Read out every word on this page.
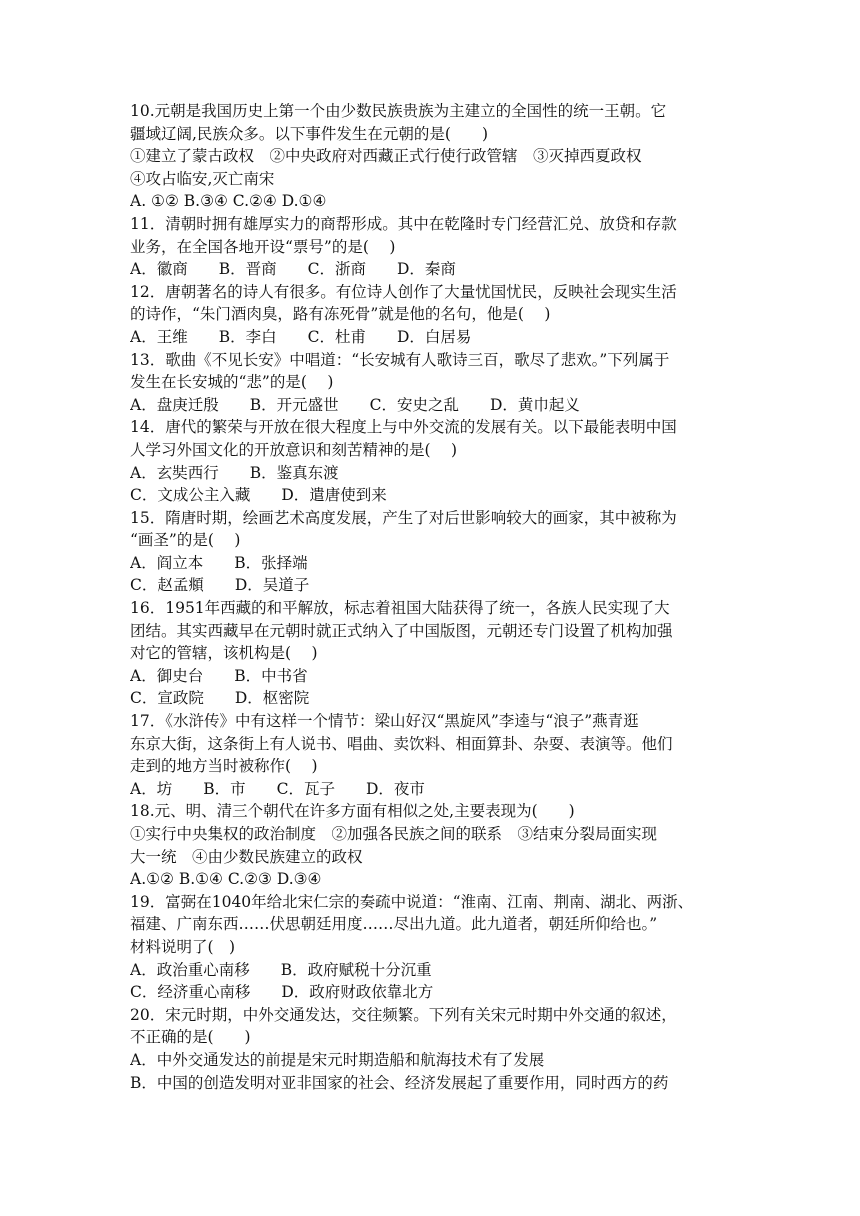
10.元朝是我国历史上第一个由少数民族贵族为主建立的全国性的统一王朝。它
疆域辽阔,民族众多。以下事件发生在元朝的是(　　)
①建立了蒙古政权　②中央政府对西藏正式行使行政管辖　③灭掉西夏政权
④攻占临安,灭亡南宋
A. ①② B.③④ C.②④ D.①④
11．清朝时拥有雄厚实力的商帮形成。其中在乾隆时专门经营汇兑、放贷和存款
业务，在全国各地开设“票号”的是(　 )
A．徽商　　B．晋商　　C．浙商　　D．秦商
12．唐朝著名的诗人有很多。有位诗人创作了大量忧国忧民，反映社会现实生活
的诗作，“朱门酒肉臭，路有冻死骨”就是他的名句，他是(　 )
A．王维　　B．李白　　C．杜甫　　D．白居易
13．歌曲《不见长安》中唱道：“长安城有人歌诗三百，歌尽了悲欢。”下列属于
发生在长安城的“悲”的是(　 )
A．盘庚迁殷　　B．开元盛世　　C．安史之乱　　D．黄巾起义
14．唐代的繁荣与开放在很大程度上与中外交流的发展有关。以下最能表明中国
人学习外国文化的开放意识和刻苦精神的是(　 )
A．玄奘西行　　B．鉴真东渡
C．文成公主入藏　　D．遣唐使到来
15．隋唐时期，绘画艺术高度发展，产生了对后世影响较大的画家，其中被称为
“画圣”的是(　 )
A．阎立本　　B．张择端
C．赵孟頫　　D．吴道子
16．1951年西藏的和平解放，标志着祖国大陆获得了统一，各族人民实现了大
团结。其实西藏早在元朝时就正式纳入了中国版图，元朝还专门设置了机构加强
对它的管辖，该机构是(　 )
A．御史台　　B．中书省
C．宣政院　　D．枢密院
17．《水浒传》中有这样一个情节：梁山好汉“黑旋风”李逵与“浪子”燕青逛
东京大街，这条街上有人说书、唱曲、卖饮料、相面算卦、杂耍、表演等。他们
走到的地方当时被称作(　 )
A．坊　　B．市　　C．瓦子　　D．夜市
18.元、明、清三个朝代在许多方面有相似之处,主要表现为(　　)
①实行中央集权的政治制度　②加强各民族之间的联系　③结束分裂局面实现
大一统　④由少数民族建立的政权
A.①② B.①④ C.②③ D.③④
19．富弼在1040年给北宋仁宗的奏疏中说道：“淮南、江南、荆南、湖北、两浙、
福建、广南东西……伏思朝廷用度……尽出九道。此九道者，朝廷所仰给也。”
材料说明了(　)
A．政治重心南移　　B．政府赋税十分沉重
C．经济重心南移　　D．政府财政依靠北方
20．宋元时期，中外交通发达，交往频繁。下列有关宋元时期中外交通的叙述，
不正确的是(　　)
A．中外交通发达的前提是宋元时期造船和航海技术有了发展
B．中国的创造发明对亚非国家的社会、经济发展起了重要作用，同时西方的药
